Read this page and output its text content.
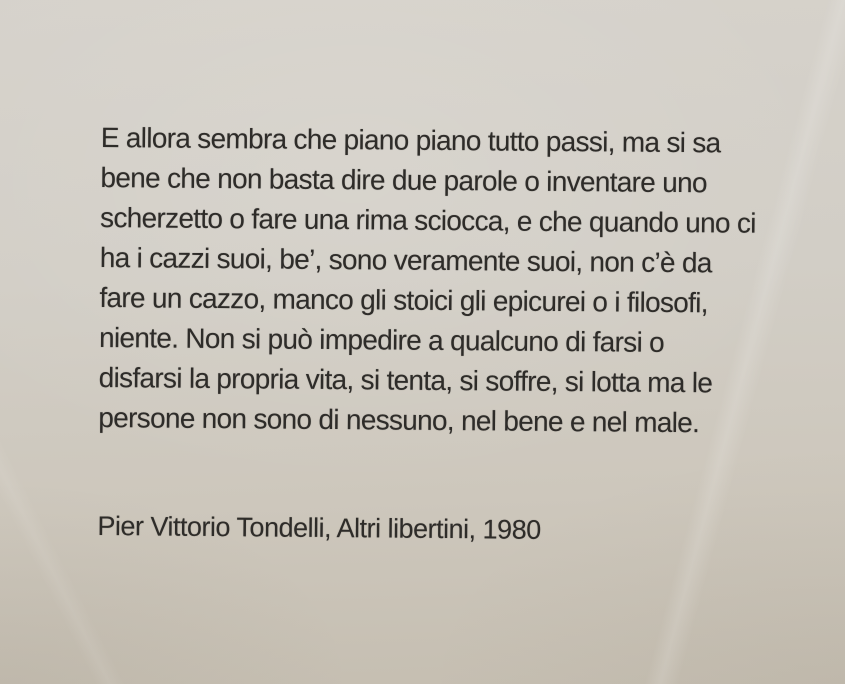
E allora sembra che piano piano tutto passi, ma si sa
bene che non basta dire due parole o inventare uno
scherzetto o fare una rima sciocca, e che quando uno ci
ha i cazzi suoi, be’, sono veramente suoi, non c’è da
fare un cazzo, manco gli stoici gli epicurei o i filosofi,
niente. Non si può impedire a qualcuno di farsi o
disfarsi la propria vita, si tenta, si soffre, si lotta ma le
persone non sono di nessuno, nel bene e nel male.
Pier Vittorio Tondelli, Altri libertini, 1980
